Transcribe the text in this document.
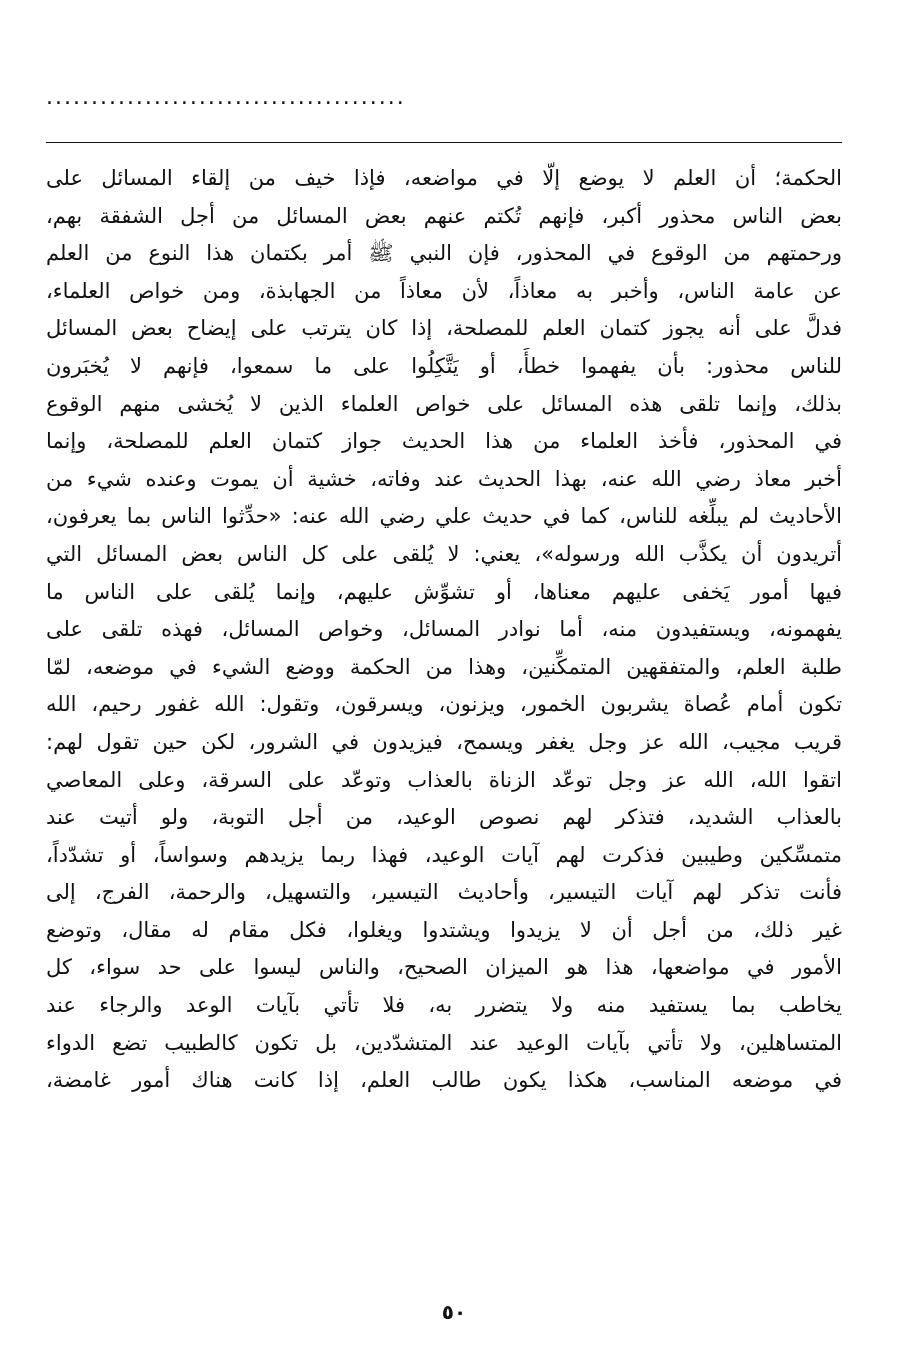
........................................
الحكمة؛ أن العلم لا يوضع إلّا في مواضعه، فإذا خيف من إلقاء المسائل على
بعض الناس محذور أكبر، فإنهم تُكتم عنهم بعض المسائل من أجل الشفقة بهم،
ورحمتهم من الوقوع في المحذور، فإن النبي ﷺ أمر بكتمان هذا النوع من العلم
عن عامة الناس، وأخبر به معاذاً، لأن معاذاً من الجهابذة، ومن خواص العلماء،
فدلَّ على أنه يجوز كتمان العلم للمصلحة، إذا كان يترتب على إيضاح بعض المسائل
للناس محذور: بأن يفهموا خطأً، أو يَتَّكِلُوا على ما سمعوا، فإنهم لا يُخبَرون
بذلك، وإنما تلقى هذه المسائل على خواص العلماء الذين لا يُخشى منهم الوقوع
في المحذور، فأخذ العلماء من هذا الحديث جواز كتمان العلم للمصلحة، وإنما
أخبر معاذ رضي الله عنه، بهذا الحديث عند وفاته، خشية أن يموت وعنده شيء من
الأحاديث لم يبلِّغه للناس، كما في حديث علي رضي الله عنه: «حدِّثوا الناس بما يعرفون،
أتريدون أن يكذَّب الله ورسوله»، يعني: لا يُلقى على كل الناس بعض المسائل التي
فيها أمور يَخفى عليهم معناها، أو تشوِّش عليهم، وإنما يُلقى على الناس ما
يفهمونه، ويستفيدون منه، أما نوادر المسائل، وخواص المسائل، فهذه تلقى على
طلبة العلم، والمتفقهين المتمكِّنين، وهذا من الحكمة ووضع الشيء في موضعه، لمّا
تكون أمام عُصاة يشربون الخمور، ويزنون، ويسرقون، وتقول: الله غفور رحيم، الله
قريب مجيب، الله عز وجل يغفر ويسمح، فيزيدون في الشرور، لكن حين تقول لهم:
اتقوا الله، الله عز وجل توعّد الزناة بالعذاب وتوعّد على السرقة، وعلى المعاصي
بالعذاب الشديد، فتذكر لهم نصوص الوعيد، من أجل التوبة، ولو أتيت عند
متمسِّكين وطيبين فذكرت لهم آيات الوعيد، فهذا ربما يزيدهم وسواساً، أو تشدّداً،
فأنت تذكر لهم آيات التيسير، وأحاديث التيسير، والتسهيل، والرحمة، الفرج، إلى
غير ذلك، من أجل أن لا يزيدوا ويشتدوا ويغلوا، فكل مقام له مقال، وتوضع
الأمور في مواضعها، هذا هو الميزان الصحيح، والناس ليسوا على حد سواء، كل
يخاطب بما يستفيد منه ولا يتضرر به، فلا تأتي بآيات الوعد والرجاء عند
المتساهلين، ولا تأتي بآيات الوعيد عند المتشدّدين، بل تكون كالطبيب تضع الدواء
في موضعه المناسب، هكذا يكون طالب العلم، إذا كانت هناك أمور غامضة،
٥٠
